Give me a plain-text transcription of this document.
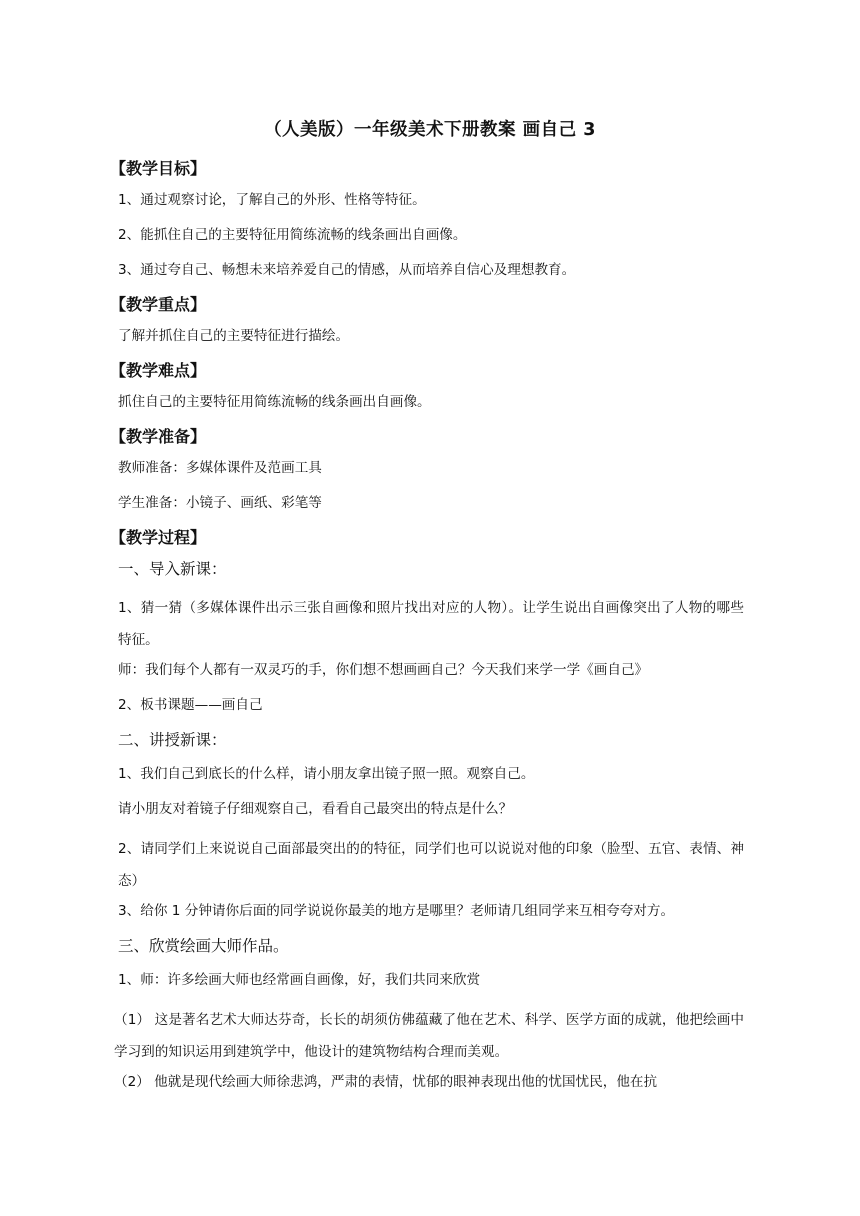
（人美版）一年级美术下册教案 画自己 3
【教学目标】
1、通过观察讨论，了解自己的外形、性格等特征。
2、能抓住自己的主要特征用简练流畅的线条画出自画像。
3、通过夸自己、畅想未来培养爱自己的情感，从而培养自信心及理想教育。
【教学重点】
了解并抓住自己的主要特征进行描绘。
【教学难点】
抓住自己的主要特征用简练流畅的线条画出自画像。
【教学准备】
教师准备：多媒体课件及范画工具
学生准备：小镜子、画纸、彩笔等
【教学过程】
一、导入新课：
1、猜一猜（多媒体课件出示三张自画像和照片找出对应的人物）。让学生说出自画像突出了人物的哪些特征。
师：我们每个人都有一双灵巧的手，你们想不想画画自己？今天我们来学一学《画自己》
2、板书课题——画自己
二、讲授新课：
1、我们自己到底长的什么样，请小朋友拿出镜子照一照。观察自己。
请小朋友对着镜子仔细观察自己，看看自己最突出的特点是什么？
2、请同学们上来说说自己面部最突出的的特征，同学们也可以说说对他的印象（脸型、五官、表情、神态）
3、给你 1 分钟请你后面的同学说说你最美的地方是哪里？老师请几组同学来互相夸夸对方。
三、欣赏绘画大师作品。
1、师：许多绘画大师也经常画自画像，好，我们共同来欣赏
（1） 这是著名艺术大师达芬奇，长长的胡须仿佛蕴藏了他在艺术、科学、医学方面的成就，他把绘画中学习到的知识运用到建筑学中，他设计的建筑物结构合理而美观。
（2） 他就是现代绘画大师徐悲鸿，严肃的表情，忧郁的眼神表现出他的忧国忧民，他在抗
